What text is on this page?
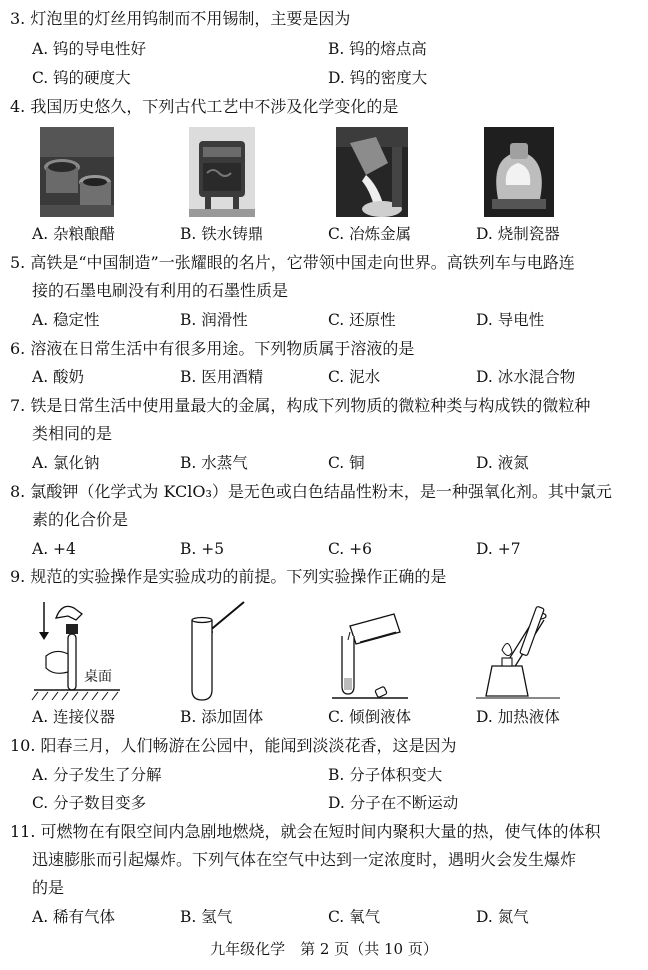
3. 灯泡里的灯丝用钨制而不用锡制，主要是因为
A. 钨的导电性好	B. 钨的熔点高
C. 钨的硬度大	D. 钨的密度大
4. 我国历史悠久，下列古代工艺中不涉及化学变化的是
A. 杂粮酿醋	B. 铁水铸鼎	C. 冶炼金属	D. 烧制瓷器
5. 高铁是“中国制造”一张耀眼的名片，它带领中国走向世界。高铁列车与电路连
接的石墨电刷没有利用的石墨性质是
A. 稳定性	B. 润滑性	C. 还原性	D. 导电性
6. 溶液在日常生活中有很多用途。下列物质属于溶液的是
A. 酸奶	B. 医用酒精	C. 泥水	D. 冰水混合物
7. 铁是日常生活中使用量最大的金属，构成下列物质的微粒种类与构成铁的微粒种
类相同的是
A. 氯化钠	B. 水蒸气	C. 铜	D. 液氮
8. 氯酸钾（化学式为 KClO₃）是无色或白色结晶性粉末，是一种强氧化剂。其中氯元
素的化合价是
A. +4	B. +5	C. +6	D. +7
9. 规范的实验操作是实验成功的前提。下列实验操作正确的是
桌面
A. 连接仪器	B. 添加固体	C. 倾倒液体	D. 加热液体
10. 阳春三月，人们畅游在公园中，能闻到淡淡花香，这是因为
A. 分子发生了分解	B. 分子体积变大
C. 分子数目变多	D. 分子在不断运动
11. 可燃物在有限空间内急剧地燃烧，就会在短时间内聚积大量的热，使气体的体积
迅速膨胀而引起爆炸。下列气体在空气中达到一定浓度时，遇明火会发生爆炸
的是
A. 稀有气体	B. 氢气	C. 氧气	D. 氮气
九年级化学　第 2 页（共 10 页）
